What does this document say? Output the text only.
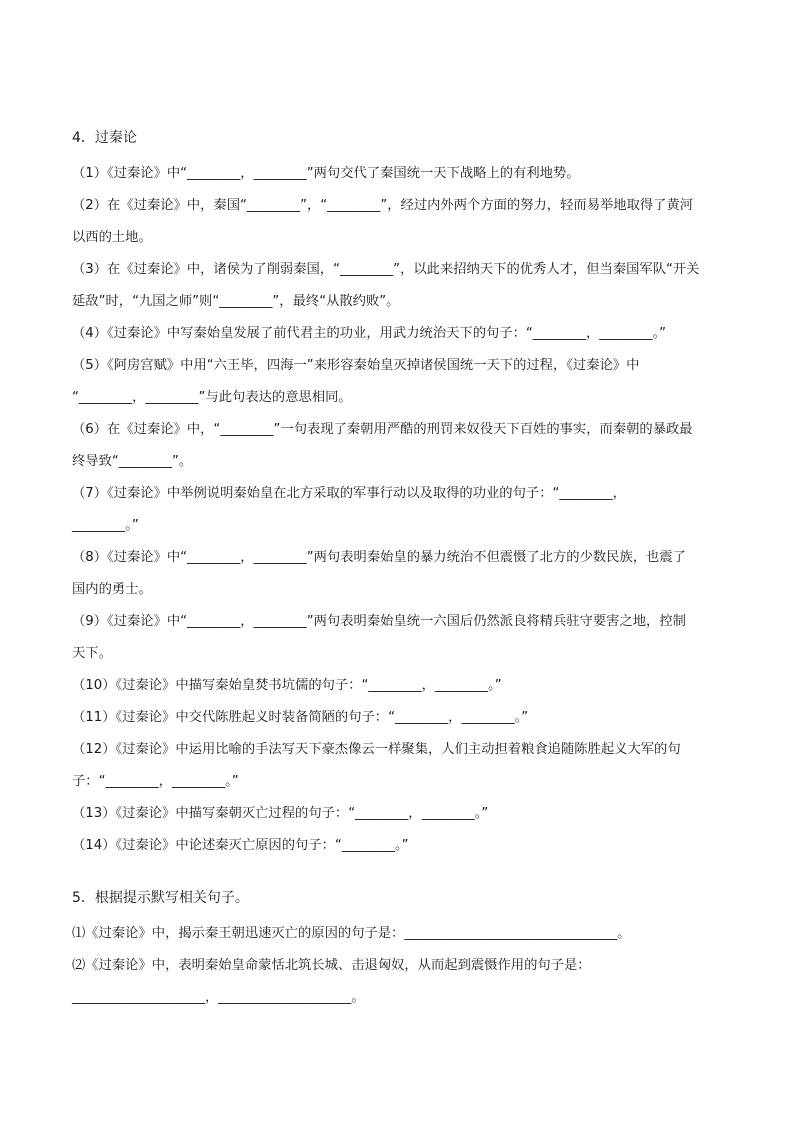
4．过秦论

（1）《过秦论》中“________，________”两句交代了秦国统一天下战略上的有利地势。

（2）在《过秦论》中，秦国“________”，“________”，经过内外两个方面的努力，轻而易举地取得了黄河

以西的土地。

（3）在《过秦论》中，诸侯为了削弱秦国，“________”，以此来招纳天下的优秀人才，但当秦国军队“开关

延敌”时，“九国之师”则“________”，最终“从散约败”。

（4）《过秦论》中写秦始皇发展了前代君主的功业，用武力统治天下的句子：“________，________。”

（5）《阿房宫赋》中用“六王毕，四海一”来形容秦始皇灭掉诸侯国统一天下的过程，《过秦论》中

“________，________”与此句表达的意思相同。

（6）在《过秦论》中，“________”一句表现了秦朝用严酷的刑罚来奴役天下百姓的事实，而秦朝的暴政最

终导致“________”。

（7）《过秦论》中举例说明秦始皇在北方采取的军事行动以及取得的功业的句子：“________，

________。”

（8）《过秦论》中“________，________”两句表明秦始皇的暴力统治不但震慑了北方的少数民族，也震了

国内的勇士。

（9）《过秦论》中“________，________”两句表明秦始皇统一六国后仍然派良将精兵驻守要害之地，控制

天下。

（10）《过秦论》中描写秦始皇焚书坑儒的句子：“________，________。”

（11）《过秦论》中交代陈胜起义时装备简陋的句子：“________，________。”

（12）《过秦论》中运用比喻的手法写天下豪杰像云一样聚集，人们主动担着粮食追随陈胜起义大军的句

子：“________，________。”

（13）《过秦论》中描写秦朝灭亡过程的句子：“________，________。”

（14）《过秦论》中论述秦灭亡原因的句子：“________。”

5．根据提示默写相关句子。

⑴《过秦论》中，揭示秦王朝迅速灭亡的原因的句子是：________________________________。

⑵《过秦论》中，表明秦始皇命蒙恬北筑长城、击退匈奴，从而起到震慑作用的句子是：

____________________，____________________。
